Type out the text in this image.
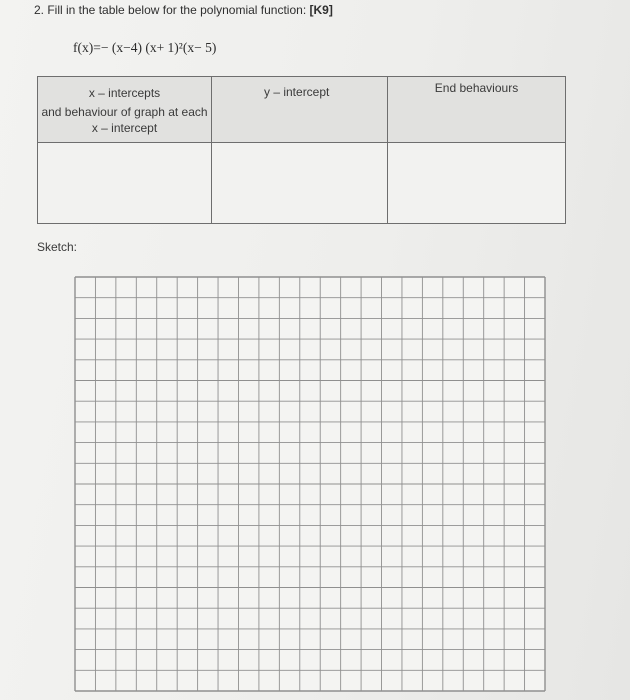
2. Fill in the table below for the polynomial function: [K9]
f(x)=− (x−4) (x+ 1)²(x− 5)
x – intercepts
and behaviour of graph at each x – intercept	y – intercept	End behaviours

Sketch:
